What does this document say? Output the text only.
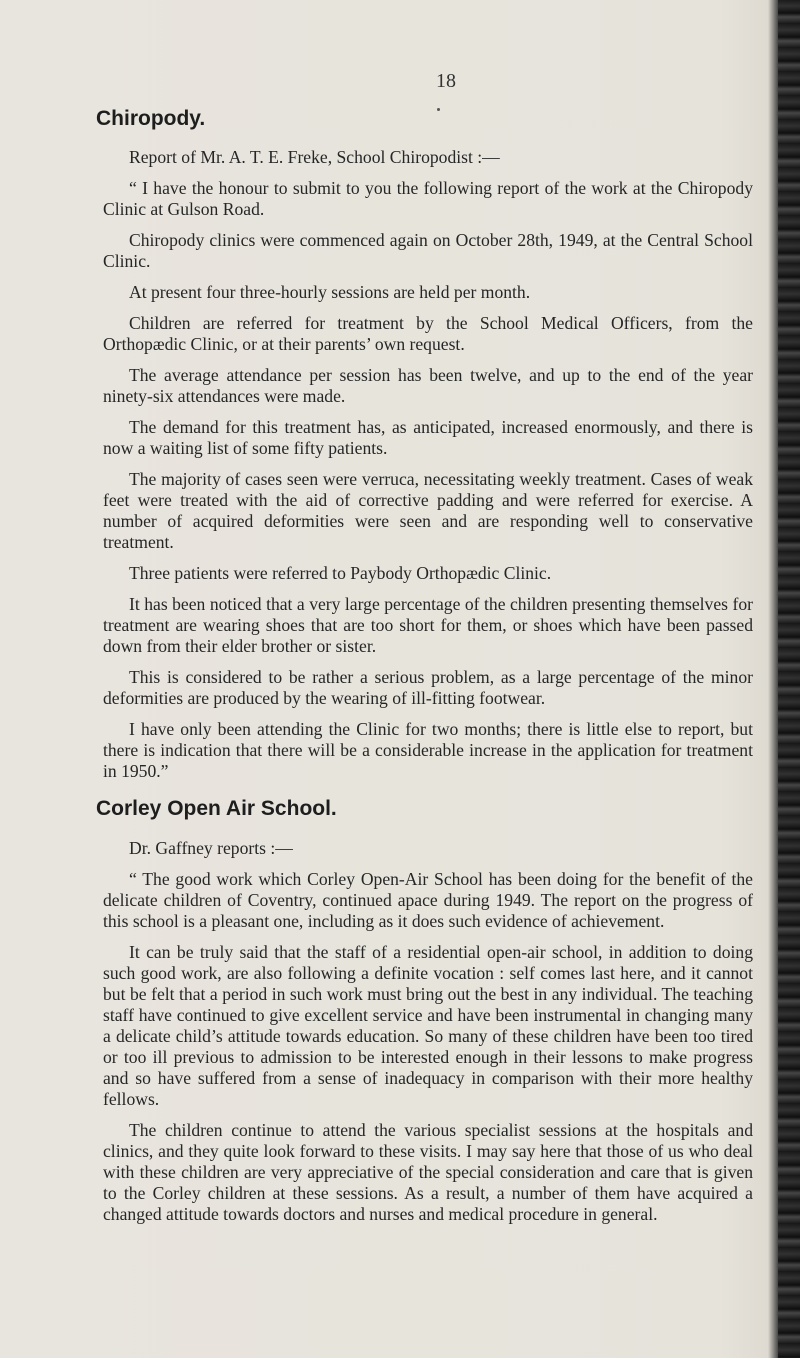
18
Chiropody.

Report of Mr. A. T. E. Freke, School Chiropodist :—

“ I have the honour to submit to you the following report of the work at the Chiropody Clinic at Gulson Road.

Chiropody clinics were commenced again on October 28th, 1949, at the Central School Clinic.

At present four three-hourly sessions are held per month.

Children are referred for treatment by the School Medical Officers, from the Orthopædic Clinic, or at their parents’ own request.

The average attendance per session has been twelve, and up to the end of the year ninety-six attendances were made.

The demand for this treatment has, as anticipated, increased enormously, and there is now a waiting list of some fifty patients.

The majority of cases seen were verruca, necessitating weekly treatment. Cases of weak feet were treated with the aid of corrective padding and were referred for exercise. A number of acquired deformities were seen and are responding well to conservative treatment.

Three patients were referred to Paybody Orthopædic Clinic.

It has been noticed that a very large percentage of the children presenting themselves for treatment are wearing shoes that are too short for them, or shoes which have been passed down from their elder brother or sister.

This is considered to be rather a serious problem, as a large percentage of the minor deformities are produced by the wearing of ill-fitting footwear.

I have only been attending the Clinic for two months; there is little else to report, but there is indication that there will be a considerable increase in the application for treatment in 1950.”

Corley Open Air School.

Dr. Gaffney reports :—

“ The good work which Corley Open-Air School has been doing for the benefit of the delicate children of Coventry, continued apace during 1949. The report on the progress of this school is a pleasant one, including as it does such evidence of achievement.

It can be truly said that the staff of a residential open-air school, in addition to doing such good work, are also following a definite vocation : self comes last here, and it cannot but be felt that a period in such work must bring out the best in any individual. The teaching staff have continued to give excellent service and have been instrumental in changing many a delicate child’s attitude towards education. So many of these children have been too tired or too ill previous to admission to be interested enough in their lessons to make progress and so have suffered from a sense of inadequacy in comparison with their more healthy fellows.

The children continue to attend the various specialist sessions at the hospitals and clinics, and they quite look forward to these visits. I may say here that those of us who deal with these children are very appreciative of the special consideration and care that is given to the Corley children at these sessions. As a result, a number of them have acquired a changed attitude towards doctors and nurses and medical procedure in general.
